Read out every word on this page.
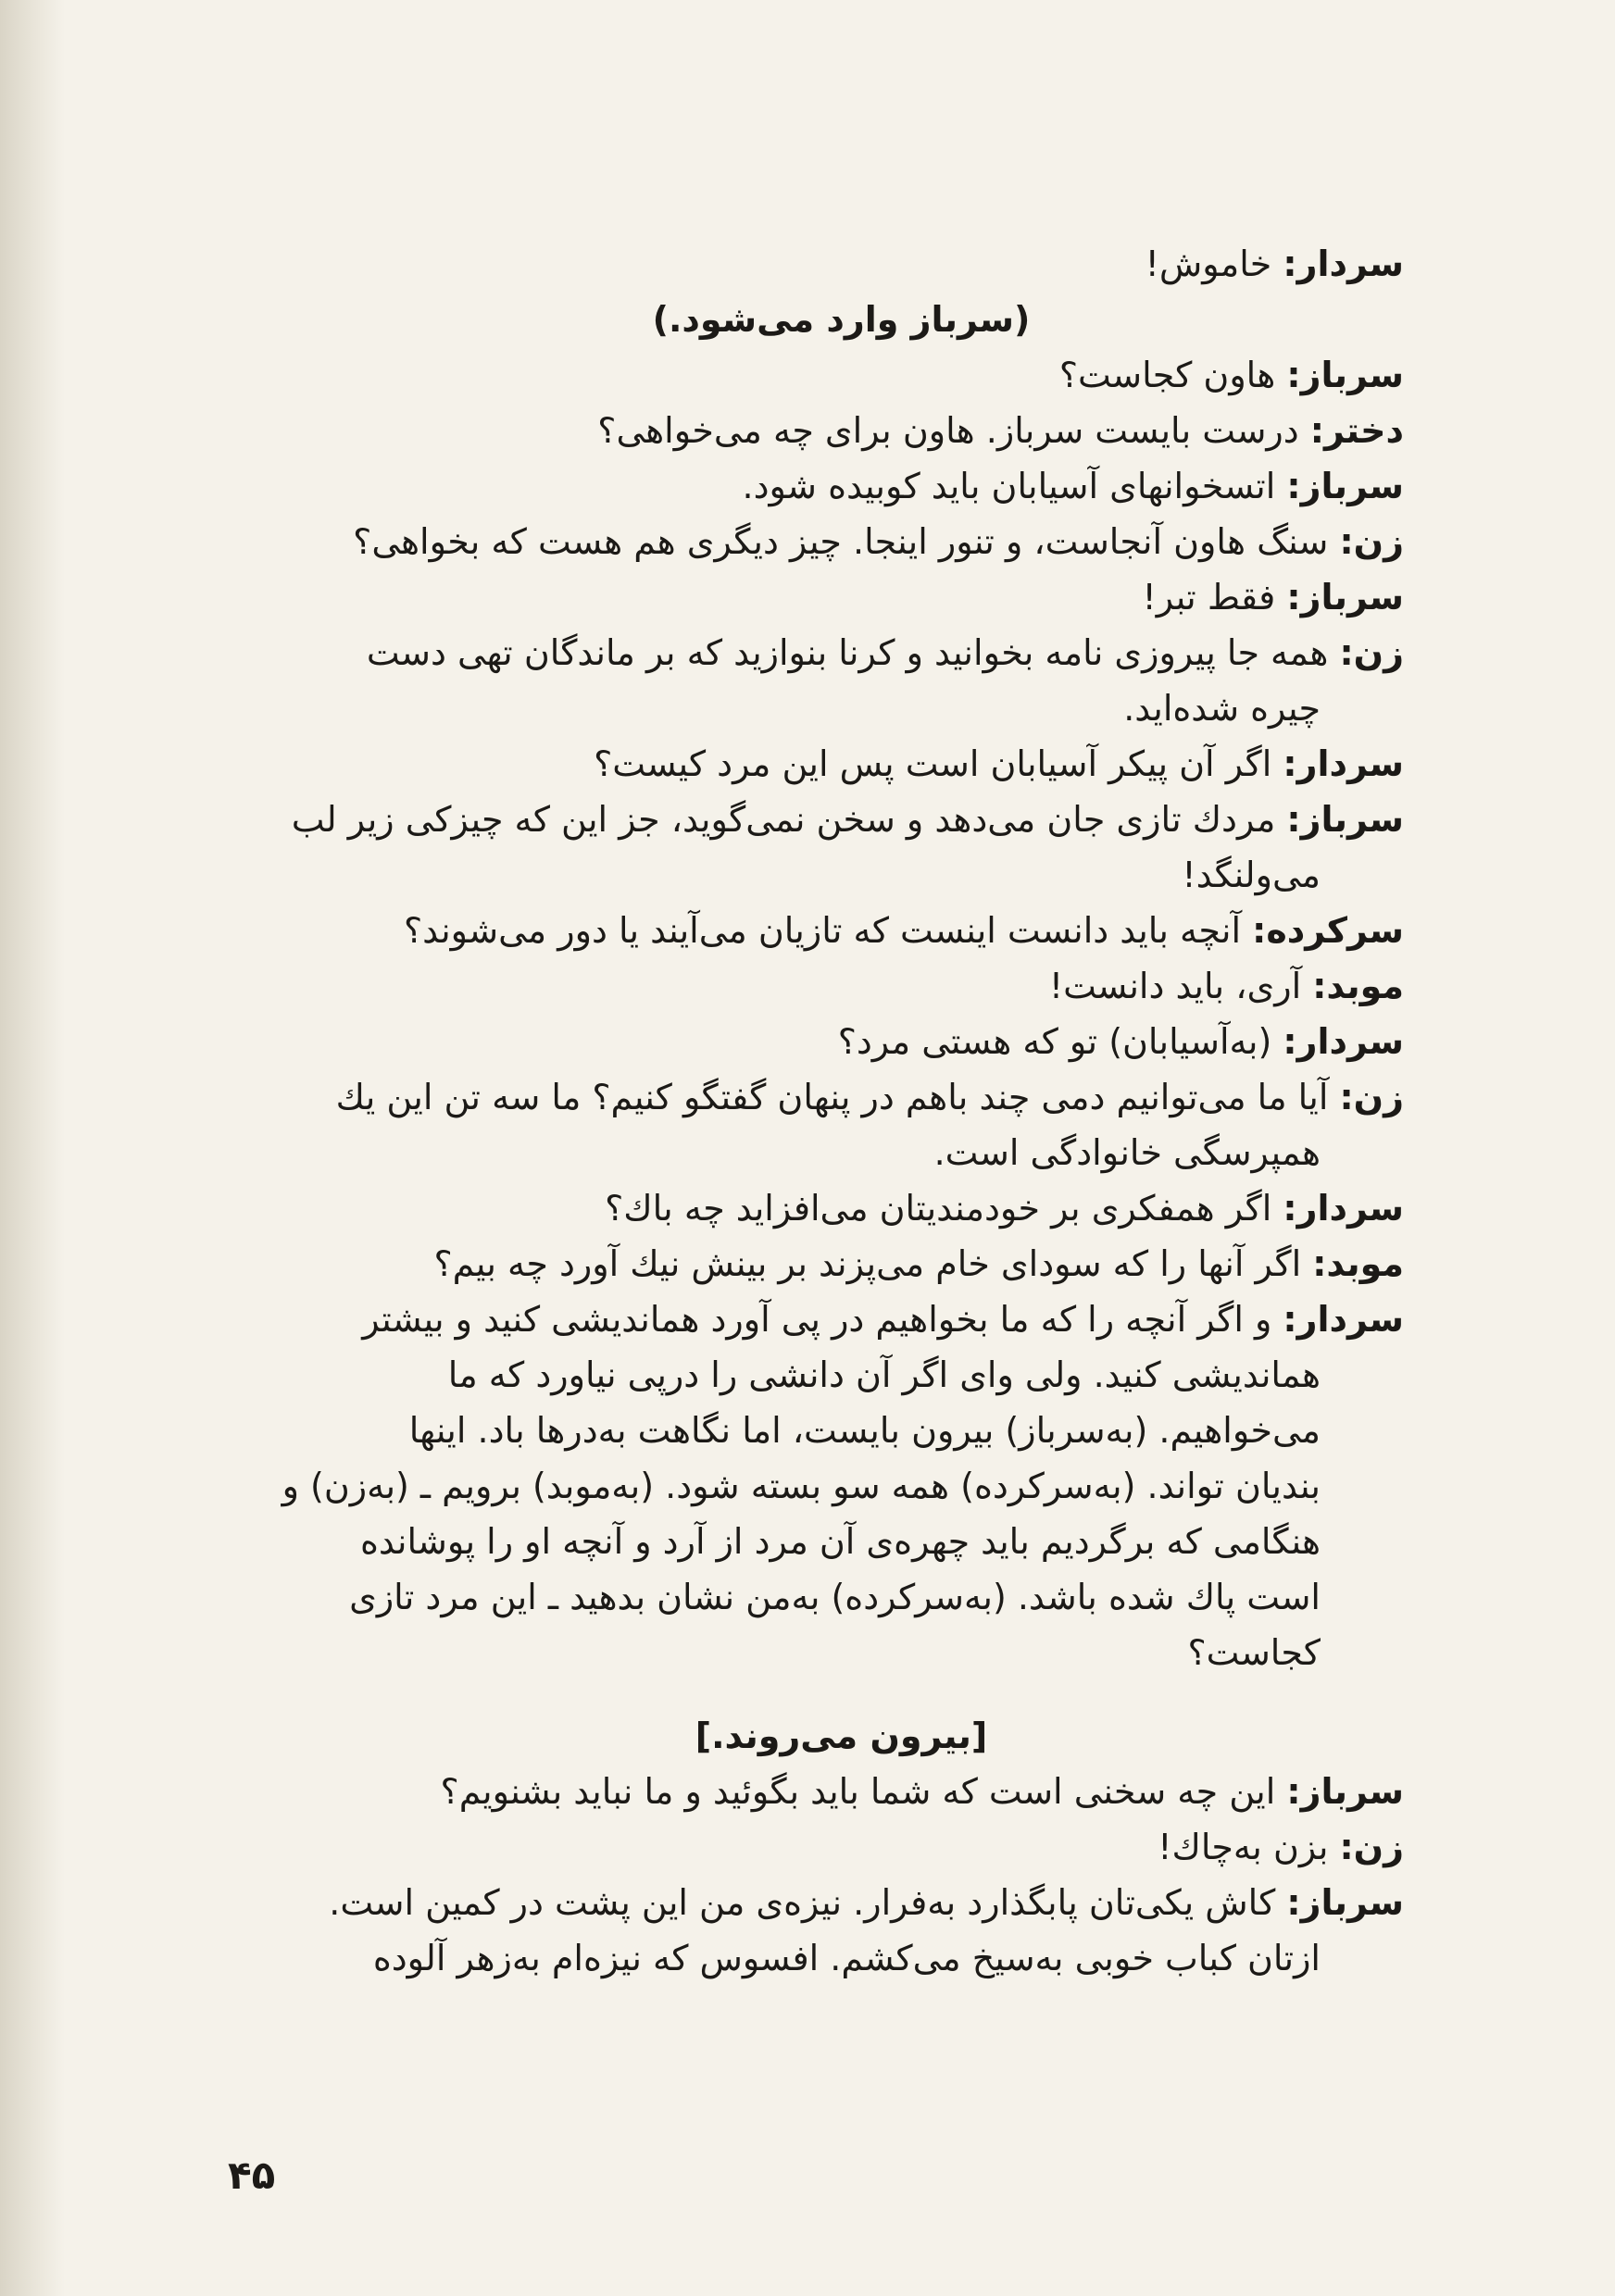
سردار: خاموش!
(سرباز وارد می‌شود.)
سرباز: هاون کجاست؟
دختر: درست بایست سرباز. هاون برای چه می‌خواهی؟
سرباز: اتسخوانهای آسیابان باید کوبیده شود.
زن: سنگ هاون آنجاست، و تنور اینجا. چیز دیگری هم هست که بخواهی؟
سرباز: فقط تبر!
زن: همه جا پیروزی نامه بخوانید و کرنا بنوازید که بر ماندگان تهی دست
چیره شده‌اید.
سردار: اگر آن پیکر آسیابان است پس این مرد کیست؟
سرباز: مردك تازی جان می‌دهد و سخن نمی‌گوید، جز این که چیزکی زیر لب
می‌ولنگد!
سرکرده: آنچه باید دانست اینست که تازیان می‌آیند یا دور می‌شوند؟
موبد: آری، باید دانست!
سردار: (به‌آسیابان) تو که هستی مرد؟
زن: آیا ما می‌توانیم دمی چند باهم در پنهان گفتگو کنیم؟ ما سه تن این یك
همپرسگی خانوادگی است.
سردار: اگر همفکری بر خودمندیتان می‌افزاید چه باك؟
موبد: اگر آنها را که سودای خام می‌پزند بر بینش نیك آورد چه بیم؟
سردار: و اگر آنچه را که ما بخواهیم در پی آورد هماندیشی کنید و بیشتر
هماندیشی کنید. ولی وای اگر آن دانشی را درپی نیاورد که ما
می‌خواهیم. (به‌سرباز) بیرون بایست، اما نگاهت به‌درها باد. اینها
بندیان تواند. (به‌سرکرده) همه سو بسته شود. (به‌موبد) برویم ـ (به‌زن) و
هنگامی که برگردیم باید چهره‌ی آن مرد از آرد و آنچه او را پوشانده
است پاك شده باشد. (به‌سرکرده) به‌من نشان بدهید ـ این مرد تازی
کجاست؟
[بیرون می‌روند.]
سرباز: این چه سخنی است که شما باید بگوئید و ما نباید بشنویم؟
زن: بزن به‌چاك!
سرباز: کاش یکی‌تان پابگذارد به‌فرار. نیزه‌ی من این پشت در کمین است.
ازتان کباب خوبی به‌سیخ می‌کشم. افسوس که نیزه‌ام به‌زهر آلوده
۴۵
